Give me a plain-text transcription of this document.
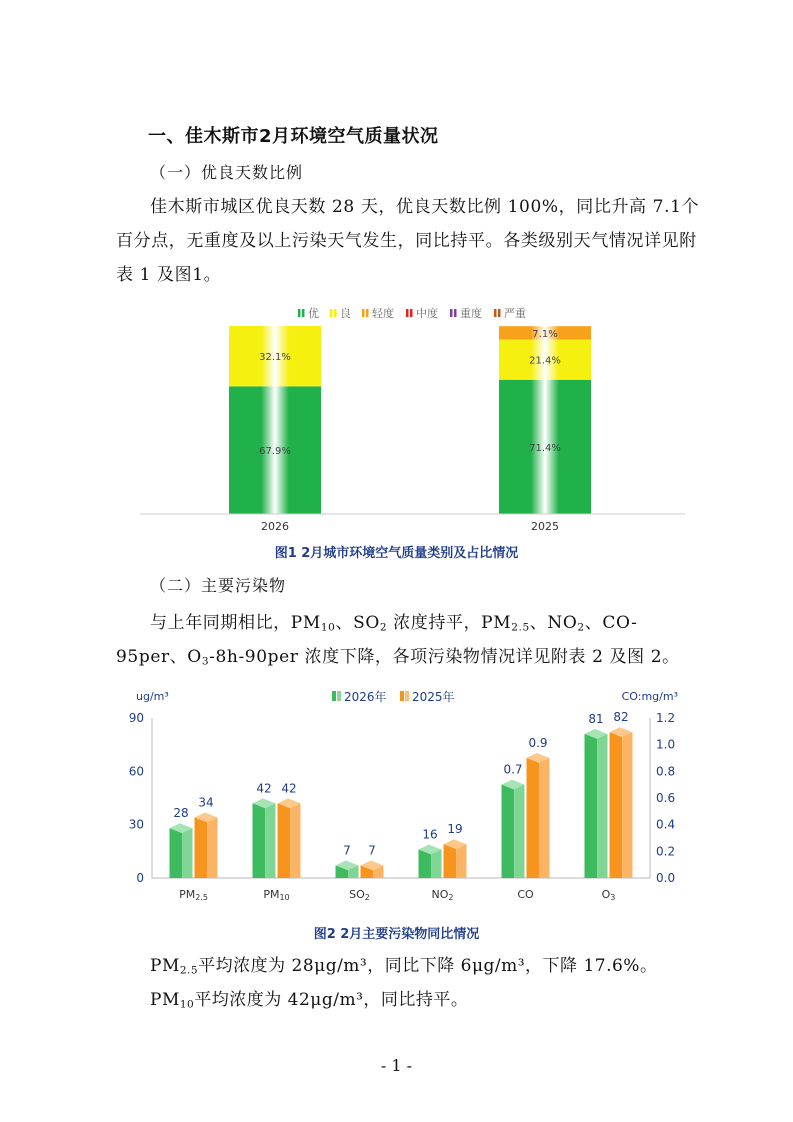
一、佳木斯市2月环境空气质量状况
（一）优良天数比例
佳木斯市城区优良天数 28 天，优良天数比例 100%，同比升高 7.1个百分点，无重度及以上污染天气发生，同比持平。各类级别天气情况详见附表 1 及图1。
优 良 轻度 中度 重度 严重
67.9%
32.1%
71.4%
21.4%
7.1%
2026	2025
图1 2月城市环境空气质量类别及占比情况
（二）主要污染物
与上年同期相比，$PM_{10}$、$SO_2$ 浓度持平，$PM_{2.5}$、$NO_2$、CO-95per、$O_3-8h-90per$ 浓度下降，各项污染物情况详见附表 2 及图 2。
ug/m³	CO:mg/m³
2026年 2025年
0
30
60
90
0.0
0.2
0.4
0.6
0.8
1.0
1.2
28
34
42 42
7 7
16 19
0.7
0.9
81 82
PM2.5	PM10	SO2	NO2	CO	O3
图2 2月主要污染物同比情况
$PM_{2.5}$平均浓度为 28μg/m³，同比下降 6μg/m³，下降 17.6%。
$PM_{10}$平均浓度为 42μg/m³，同比持平。
- 1 -
